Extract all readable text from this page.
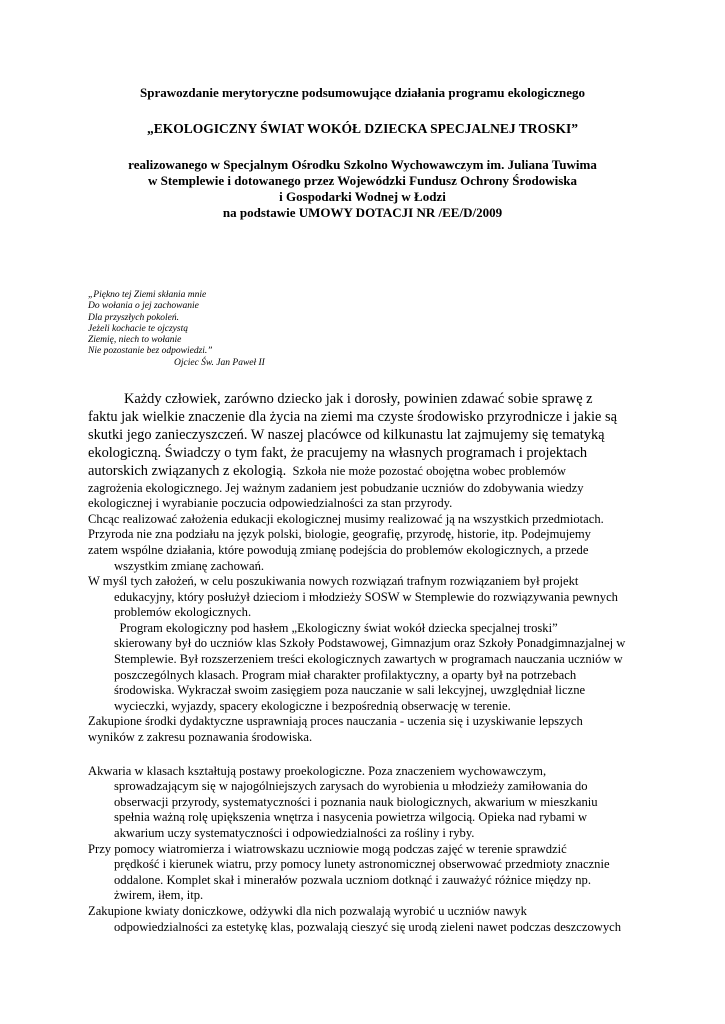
Sprawozdanie merytoryczne podsumowujące działania programu ekologicznego
„EKOLOGICZNY ŚWIAT WOKÓŁ DZIECKA SPECJALNEJ TROSKI”
realizowanego w Specjalnym Ośrodku Szkolno Wychowawczym im. Juliana Tuwima
w Stemplewie i dotowanego przez Wojewódzki Fundusz Ochrony Środowiska
i Gospodarki Wodnej w Łodzi
na podstawie UMOWY DOTACJI NR /EE/D/2009
„Piękno tej Ziemi skłania mnie
Do wołania o jej zachowanie
Dla przyszłych pokoleń.
Jeżeli kochacie te ojczystą
Ziemię, niech to wołanie
Nie pozostanie bez odpowiedzi.”
Ojciec Św. Jan Paweł II
Każdy człowiek, zarówno dziecko jak i dorosły, powinien zdawać sobie sprawę z
faktu jak wielkie znaczenie dla życia na ziemi ma czyste środowisko przyrodnicze i jakie są
skutki jego zanieczyszczeń. W naszej placówce od kilkunastu lat zajmujemy się tematyką
ekologiczną. Świadczy o tym fakt, że pracujemy na własnych programach i projektach
autorskich związanych z ekologią. Szkoła nie może pozostać obojętna wobec problemów
zagrożenia ekologicznego. Jej ważnym zadaniem jest pobudzanie uczniów do zdobywania wiedzy
ekologicznej i wyrabianie poczucia odpowiedzialności za stan przyrody.
Chcąc realizować założenia edukacji ekologicznej musimy realizować ją na wszystkich przedmiotach.
Przyroda nie zna podziału na język polski, biologie, geografię, przyrodę, historie, itp. Podejmujemy
zatem wspólne działania, które powodują zmianę podejścia do problemów ekologicznych, a przede
wszystkim zmianę zachowań.
W myśl tych założeń, w celu poszukiwania nowych rozwiązań trafnym rozwiązaniem był projekt
edukacyjny, który posłużył dzieciom i młodzieży SOSW w Stemplewie do rozwiązywania pewnych
problemów ekologicznych.
Program ekologiczny pod hasłem „Ekologiczny świat wokół dziecka specjalnej troski”
skierowany był do uczniów klas Szkoły Podstawowej, Gimnazjum oraz Szkoły Ponadgimnazjalnej w
Stemplewie. Był rozszerzeniem treści ekologicznych zawartych w programach nauczania uczniów w
poszczególnych klasach. Program miał charakter profilaktyczny, a oparty był na potrzebach
środowiska. Wykraczał swoim zasięgiem poza nauczanie w sali lekcyjnej, uwzględniał liczne
wycieczki, wyjazdy, spacery ekologiczne i bezpośrednią obserwację w terenie.
Zakupione środki dydaktyczne usprawniają proces nauczania - uczenia się i uzyskiwanie lepszych
wyników z zakresu poznawania środowiska.
Akwaria w klasach kształtują postawy proekologiczne. Poza znaczeniem wychowawczym,
sprowadzającym się w najogólniejszych zarysach do wyrobienia u młodzieży zamiłowania do
obserwacji przyrody, systematyczności i poznania nauk biologicznych, akwarium w mieszkaniu
spełnia ważną rolę upiększenia wnętrza i nasycenia powietrza wilgocią. Opieka nad rybami w
akwarium uczy systematyczności i odpowiedzialności za rośliny i ryby.
Przy pomocy wiatromierza i wiatrowskazu uczniowie mogą podczas zajęć w terenie sprawdzić
prędkość i kierunek wiatru, przy pomocy lunety astronomicznej obserwować przedmioty znacznie
oddalone. Komplet skał i minerałów pozwala uczniom dotknąć i zauważyć różnice między np.
żwirem, iłem, itp.
Zakupione kwiaty doniczkowe, odżywki dla nich pozwalają wyrobić u uczniów nawyk
odpowiedzialności za estetykę klas, pozwalają cieszyć się urodą zieleni nawet podczas deszczowych
